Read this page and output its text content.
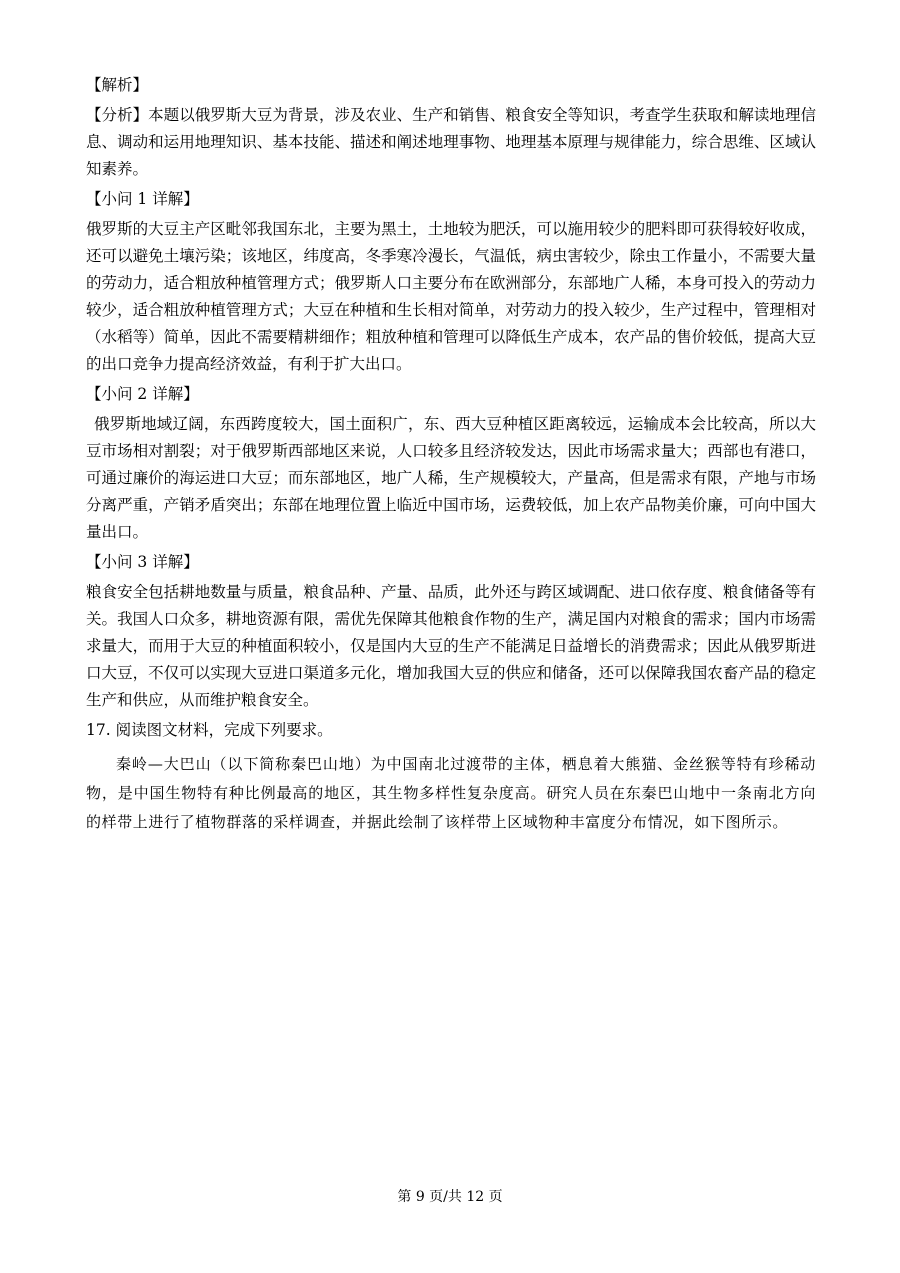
【解析】

【分析】本题以俄罗斯大豆为背景，涉及农业、生产和销售、粮食安全等知识，考查学生获取和解读地理信息、调动和运用地理知识、基本技能、描述和阐述地理事物、地理基本原理与规律能力，综合思维、区域认知素养。

【小问 1 详解】

俄罗斯的大豆主产区毗邻我国东北，主要为黑土，土地较为肥沃，可以施用较少的肥料即可获得较好收成，还可以避免土壤污染；该地区，纬度高，冬季寒冷漫长，气温低，病虫害较少，除虫工作量小，不需要大量的劳动力，适合粗放种植管理方式；俄罗斯人口主要分布在欧洲部分，东部地广人稀，本身可投入的劳动力较少，适合粗放种植管理方式；大豆在种植和生长相对简单，对劳动力的投入较少，生产过程中，管理相对（水稻等）简单，因此不需要精耕细作；粗放种植和管理可以降低生产成本，农产品的售价较低，提高大豆的出口竞争力提高经济效益，有利于扩大出口。

【小问 2 详解】

俄罗斯地域辽阔，东西跨度较大，国土面积广，东、西大豆种植区距离较远，运输成本会比较高，所以大豆市场相对割裂；对于俄罗斯西部地区来说，人口较多且经济较发达，因此市场需求量大；西部也有港口，可通过廉价的海运进口大豆；而东部地区，地广人稀，生产规模较大，产量高，但是需求有限，产地与市场分离严重，产销矛盾突出；东部在地理位置上临近中国市场，运费较低，加上农产品物美价廉，可向中国大量出口。

【小问 3 详解】

粮食安全包括耕地数量与质量，粮食品种、产量、品质，此外还与跨区域调配、进口依存度、粮食储备等有关。我国人口众多，耕地资源有限，需优先保障其他粮食作物的生产，满足国内对粮食的需求；国内市场需求量大，而用于大豆的种植面积较小，仅是国内大豆的生产不能满足日益增长的消费需求；因此从俄罗斯进口大豆，不仅可以实现大豆进口渠道多元化，增加我国大豆的供应和储备，还可以保障我国农畜产品的稳定生产和供应，从而维护粮食安全。

17. 阅读图文材料，完成下列要求。

秦岭—大巴山（以下简称秦巴山地）为中国南北过渡带的主体，栖息着大熊猫、金丝猴等特有珍稀动物，是中国生物特有种比例最高的地区，其生物多样性复杂度高。研究人员在东秦巴山地中一条南北方向的样带上进行了植物群落的采样调查，并据此绘制了该样带上区域物种丰富度分布情况，如下图所示。

第 9 页/共 12 页
